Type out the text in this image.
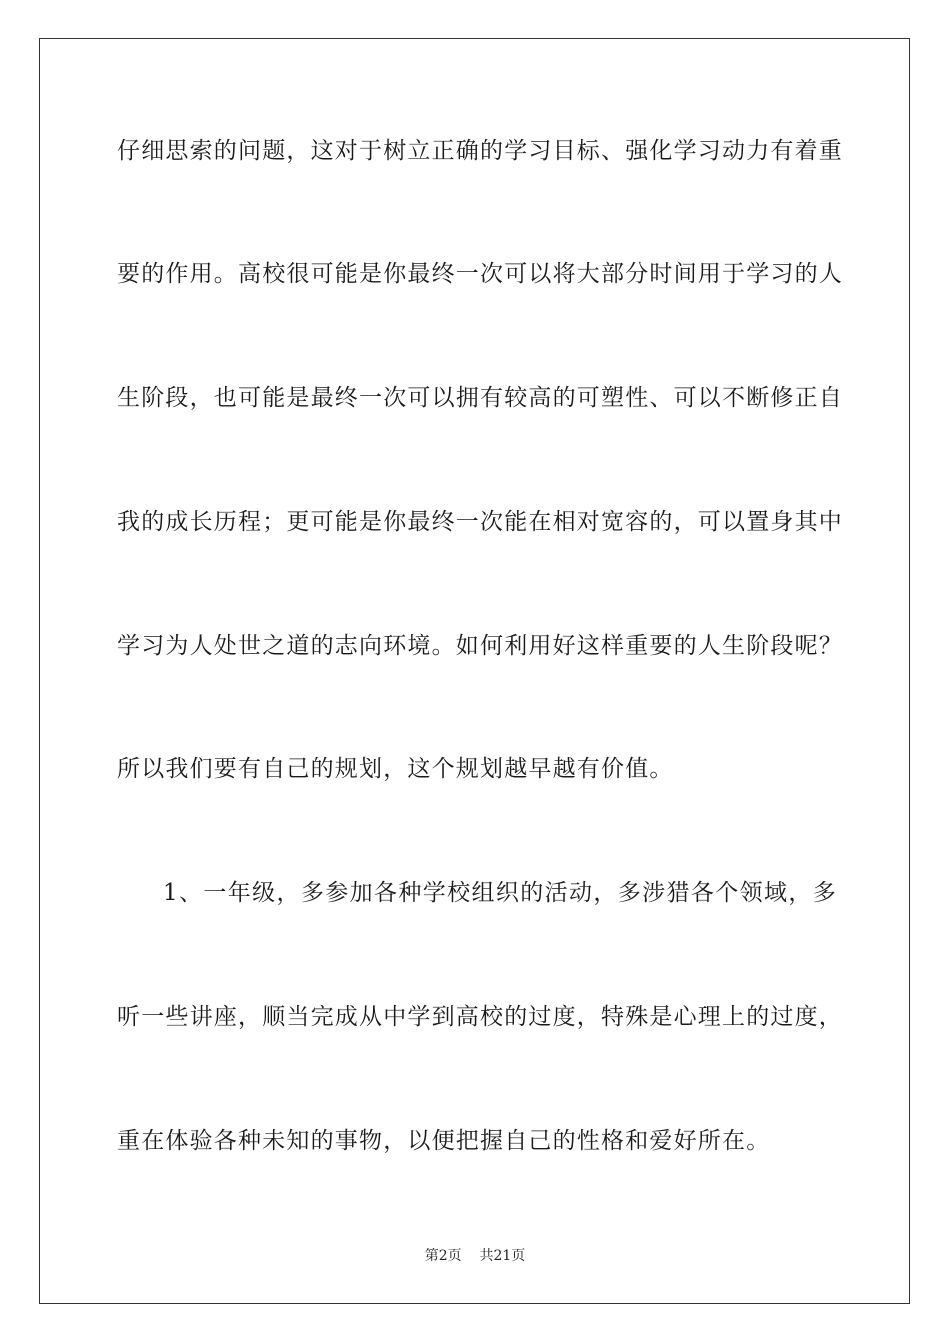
仔细思索的问题，这对于树立正确的学习目标、强化学习动力有着重
要的作用。高校很可能是你最终一次可以将大部分时间用于学习的人
生阶段，也可能是最终一次可以拥有较高的可塑性、可以不断修正自
我的成长历程；更可能是你最终一次能在相对宽容的，可以置身其中
学习为人处世之道的志向环境。如何利用好这样重要的人生阶段呢？
所以我们要有自己的规划，这个规划越早越有价值。
1、一年级，多参加各种学校组织的活动，多涉猎各个领域，多
听一些讲座，顺当完成从中学到高校的过度，特殊是心理上的过度，
重在体验各种未知的事物，以便把握自己的性格和爱好所在。
第2页 共21页
